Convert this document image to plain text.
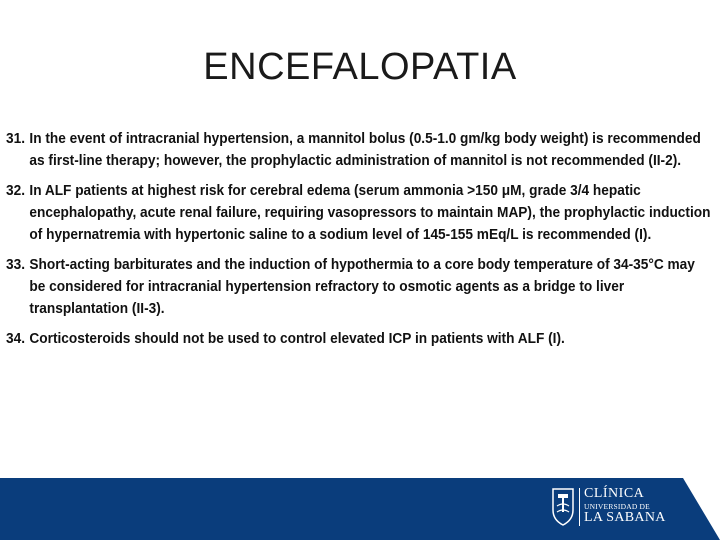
ENCEFALOPATIA
31. In the event of intracranial hypertension, a mannitol bolus (0.5-1.0 gm/kg body weight) is recommended as first-line therapy; however, the prophylactic administration of mannitol is not recommended (II-2).
32. In ALF patients at highest risk for cerebral edema (serum ammonia >150 μM, grade 3/4 hepatic encephalopathy, acute renal failure, requiring vasopressors to maintain MAP), the prophylactic induction of hypernatremia with hypertonic saline to a sodium level of 145-155 mEq/L is recommended (I).
33. Short-acting barbiturates and the induction of hypothermia to a core body temperature of 34-35°C may be considered for intracranial hypertension refractory to osmotic agents as a bridge to liver transplantation (II-3).
34. Corticosteroids should not be used to control elevated ICP in patients with ALF (I).
CLÍNICA
UNIVERSIDAD DE
LA SABANA
